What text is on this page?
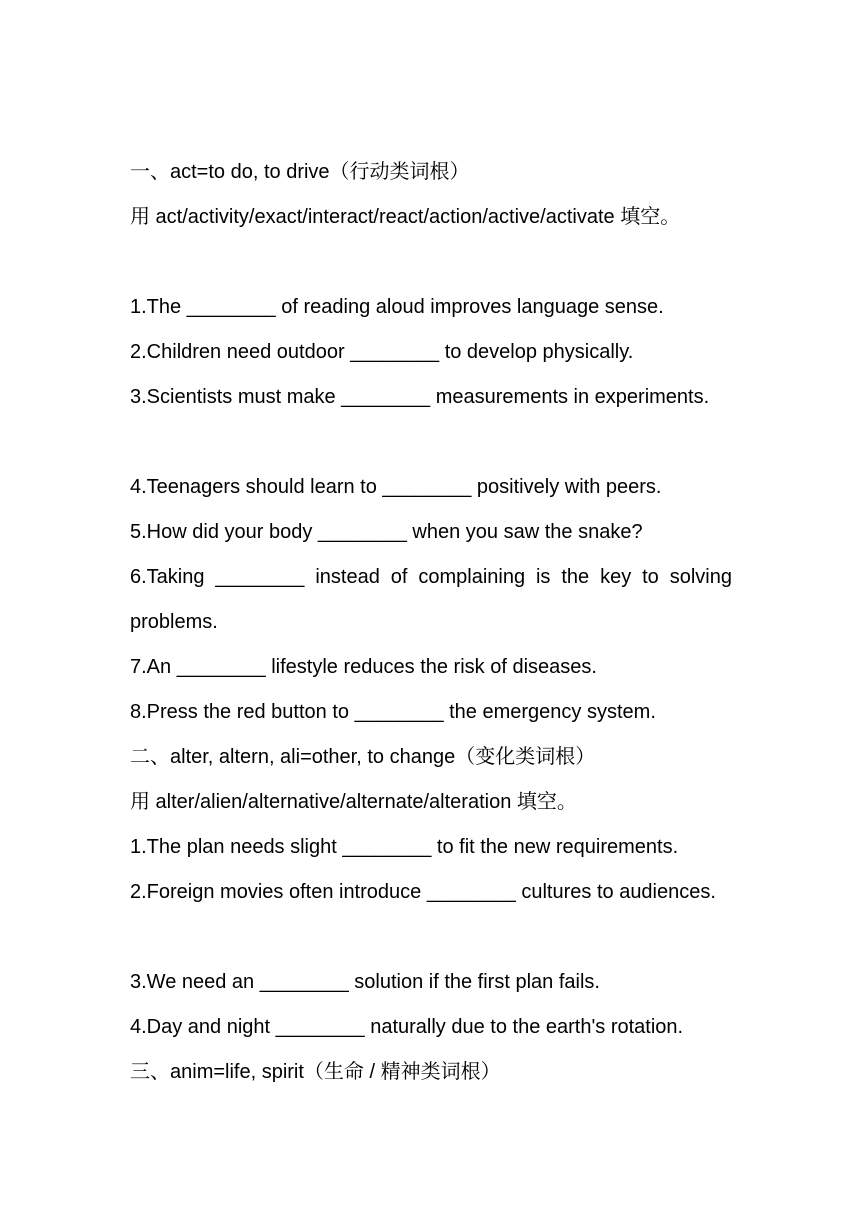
一、act=to do, to drive（行动类词根）
用 act/activity/exact/interact/react/action/active/activate 填空。
1.The ________ of reading aloud improves language sense.
2.Children need outdoor ________ to develop physically.
3.Scientists must make ________ measurements in experiments.
4.Teenagers should learn to ________ positively with peers.
5.How did your body ________ when you saw the snake?
6.Taking ________ instead of complaining is the key to solving problems.
7.An ________ lifestyle reduces the risk of diseases.
8.Press the red button to ________ the emergency system.
二、alter, altern, ali=other, to change（变化类词根）
用 alter/alien/alternative/alternate/alteration 填空。
1.The plan needs slight ________ to fit the new requirements.
2.Foreign movies often introduce ________ cultures to audiences.
3.We need an ________ solution if the first plan fails.
4.Day and night ________ naturally due to the earth's rotation.
三、anim=life, spirit（生命 / 精神类词根）
